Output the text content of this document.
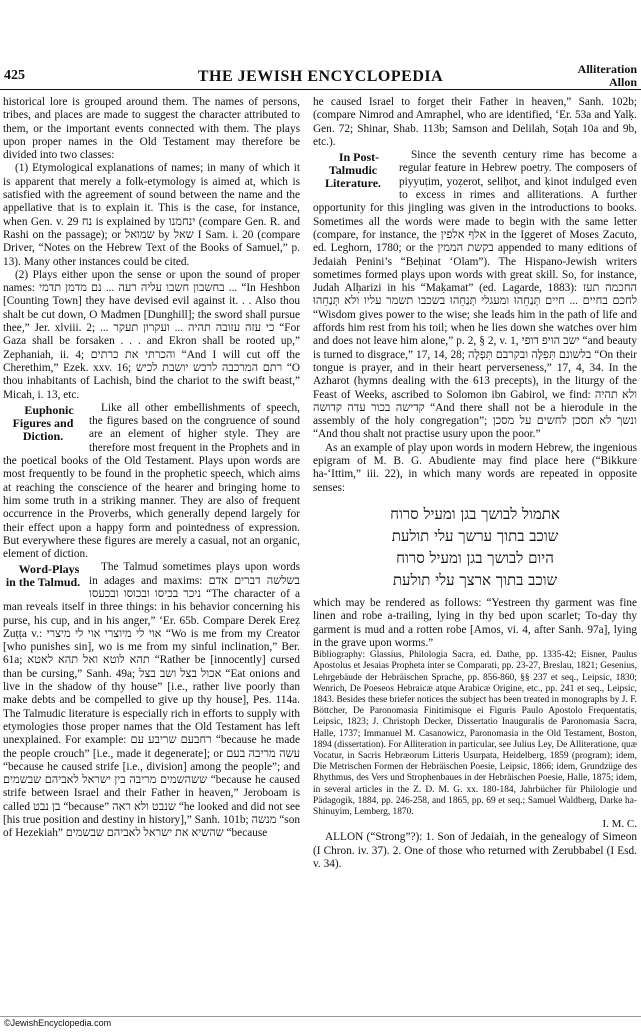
425	THE JEWISH ENCYCLOPEDIA	Alliteration
Allon

historical lore is grouped around them. The names of persons, tribes, and places are made to suggest the character attributed to them, or the important events connected with them. The plays upon proper names in the Old Testament may therefore be divided into two classes:

(1) Etymological explanations of names; in many of which it is apparent that merely a folk-etymology is aimed at, which is satisfied with the agreement of sound between the name and the appellative that is to explain it. This is the case, for instance, when Gen. v. 29 נח is explained by ינחמנו (compare Gen. R. and Rashi on the passage); or שמואל by שאל I Sam. i. 20 (compare Driver, “Notes on the Hebrew Text of the Books of Samuel,” p. 13). Many other instances could be cited.

(2) Plays either upon the sense or upon the sound of proper names: בחשבון חשבו עליה רעה ... נם מדמן תדמי ... “In Heshbon [Counting Town] they have devised evil against it. . . Also thou shalt be cut down, O Madmen [Dunghill]; the sword shall pursue thee,” Jer. xlviii. 2; ... כי עזה עזובה תהיה ... ועקרון תעקר “For Gaza shall be forsaken . . . and Ekron shall be rooted up,” Zephaniah, ii. 4; והכרתי את כרתים “And I will cut off the Cherethim,” Ezek. xxv. 16; רתם המרכבה לרכש יושבת לכיש “O thou inhabitants of Lachish, bind the chariot to the swift beast,” Micah, i. 13, etc.

Euphonic Figures and Diction.
Like all other embellishments of speech, the figures based on the congruence of sound are an element of higher style. They are therefore most frequent in the Prophets and in the poetical books of the Old Testament. Plays upon words are most frequently to be found in the prophetic speech, which aims at reaching the conscience of the hearer and bringing home to him some truth in a striking manner. They are also of frequent occurrence in the Proverbs, which generally depend largely for their effect upon a happy form and pointedness of expression. But everywhere these figures are merely a casual, not an organic, element of diction.

Word-Plays in the Talmud.
The Talmud sometimes plays upon words in adages and maxims: בשלשה דברים אדם ניכר בכיסו ובכוסו ובכעסו “The character of a man reveals itself in three things: in his behavior concerning his purse, his cup, and in his anger,” ‘Er. 65b. Compare Derek Ereẓ Zuṭṭa v.: אוי לי מיוצרי אוי לי מיצרי “Wo is me from my Creator [who punishes sin], wo is me from my sinful inclination,” Ber. 61a; תהא לוטא ואל תהא לאטא “Rather be [innocently] cursed than be cursing,” Sanh. 49a; אכול בצל ושב בצל “Eat onions and live in the shadow of thy house” [i.e., rather live poorly than make debts and be compelled to give up thy house], Pes. 114a. The Talmudic literature is especially rich in efforts to supply with etymologies those proper names that the Old Testament has left unexplained. For example: רחבעם שריבע עם “because he made the people crouch” [i.e., made it degenerate]; or עשה מריבה בעם “because he caused strife [i.e., division] among the people”; and ששהשמים מריבה בין ישראל לאביהם שבשמים “because he caused strife between Israel and their Father in heaven,” Jeroboam is called בן נבט “because” שנבט ולא ראה “he looked and did not see [his true position and destiny in history],” Sanh. 101b; מנשה “son of Hezekiah” שהשיא את ישראל לאביהם שבשמים “because

he caused Israel to forget their Father in heaven,” Sanh. 102b; (compare Nimrod and Amraphel, who are identified, ‘Er. 53a and Yalḳ. Gen. 72; Shinar, Shab. 113b; Samson and Delilah, Soṭah 10a and 9b, etc.).

In Post-Talmudic Literature.
Since the seventh century rime has become a regular feature in Hebrew poetry. The composers of piyyuṭim, yoẓerot, seliḥot, and ḳinot indulged even to excess in rimes and alliterations. A further opportunity for this jingling was given in the introductions to books. Sometimes all the words were made to begin with the same letter (compare, for instance, the אלף אלפין in the Iggeret of Moses Zacuto, ed. Leghorn, 1780; or the בקשת הממין appended to many editions of Jedaiah Penini’s “Beḥinat ‘Olam”). The Hispano-Jewish writers sometimes formed plays upon words with great skill. So, for instance, Judah Alḥarizi in his “Maḳamat” (ed. Lagarde, 1883): החכמה תעז לחכם בחיים ... חיים תְּנַחֵהוּ ומעגלי תְּנַחֵהוּ בשכבו תשמר עליו ולא תְּנַחֵהוּ “Wisdom gives power to the wise; she leads him in the path of life and affords him rest from his toil; when he lies down she watches over him and does not leave him alone,” p. 2, § 2, v. 1, ישב הויפ דופי “and beauty is turned to disgrace,” 17, 14, 28; בלשונם תִּפִלָּה ובקרבם תִּפְלָה “On their tongue is prayer, and in their heart perverseness,” 17, 4, 34. In the Azharot (hymns dealing with the 613 precepts), in the liturgy of the Feast of Weeks, ascribed to Solomon ibn Gabirol, we find: ולא תהיה קדישה בכור עדה קדושה “And there shall not be a hierodule in the assembly of the holy congregation”; ונשך לא תסכן לחשים על מסכן “And thou shalt not practise usury upon the poor.”

As an example of play upon words in modern Hebrew, the ingenious epigram of M. B. G. Abudiente may find place here (“Bikkure ha-‘Ittim,” iii. 22), in which many words are repeated in opposite senses:

אתמול לבושך בגן ומעיל סרוח
שוכב בתוך ערשך עלי תולעת
היום לבושך בגן ומעיל סרוח
שוכב בתוך ארצך עלי תולעת

which may be rendered as follows: “Yestreen thy garment was fine linen and robe a-trailing, lying in thy bed upon scarlet; To-day thy garment is mud and a rotten robe [Amos, vi. 4, after Sanh. 97a], lying in the grave upon worms.”

Bibliography: Glassius, Philologia Sacra, ed. Dathe, pp. 1335-42; Eisner, Paulus Apostolus et Jesaias Propheta inter se Comparati, pp. 23-27, Breslau, 1821; Gesenius, Lehrgebäude der Hebräischen Sprache, pp. 856-860, §§ 237 et seq., Leipsic, 1830; Wenrich, De Poeseos Hebraicæ atque Arabicæ Origine, etc., pp. 241 et seq., Leipsic, 1843. Besides these briefer notices the subject has been treated in monographs by J. F. Böttcher, De Paronomasia Finitimisque ei Figuris Paulo Apostolo Frequentatis, Leipsic, 1823; J. Christoph Decker, Dissertatio Inauguralis de Paronomasia Sacra, Halle, 1737; Immanuel M. Casanowicz, Paronomasia in the Old Testament, Boston, 1894 (dissertation). For Alliteration in particular, see Julius Ley, De Alliteratione, quæ Vocatur, in Sacris Hebræorum Litteris Usurpata, Heidelberg, 1859 (program); idem, Die Metrischen Formen der Hebräischen Poesie, Leipsic, 1866; idem, Grundzüge des Rhythmus, des Vers und Strophenbaues in der Hebräischen Poesie, Halle, 1875; idem, in several articles in the Z. D. M. G. xx. 180-184, Jahrbücher für Philologie und Pädagogik, 1884, pp. 246-258, and 1865, pp. 69 et seq.; Samuel Waldberg, Darke ha-Shinuyim, Lemberg, 1870.

I. M. C.

ALLON (“Strong”?): 1. Son of Jedaiah, in the genealogy of Simeon (I Chron. iv. 37). 2. One of those who returned with Zerubbabel (I Esd. v. 34).

©JewishEncyclopedia.com
